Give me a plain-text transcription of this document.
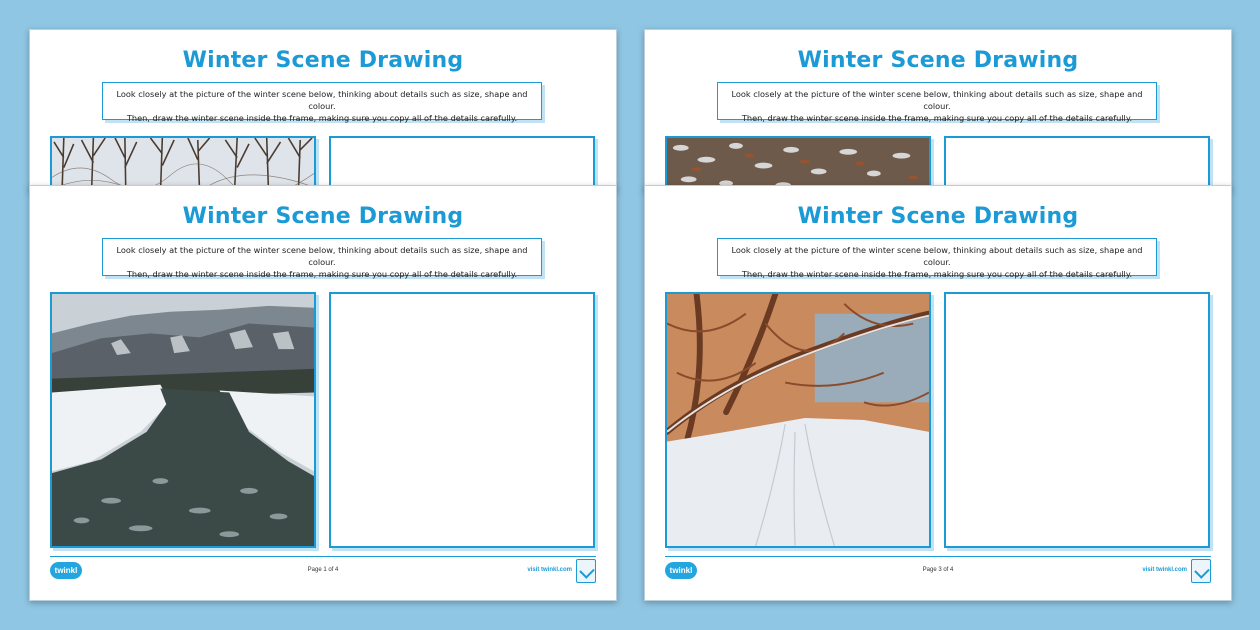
Winter Scene Drawing
Look closely at the picture of the winter scene below, thinking about details such as size, shape and colour.
Then, draw the winter scene inside the frame, making sure you copy all of the details carefully.
Winter Scene Drawing
Look closely at the picture of the winter scene below, thinking about details such as size, shape and colour.
Then, draw the winter scene inside the frame, making sure you copy all of the details carefully.
Winter Scene Drawing
Look closely at the picture of the winter scene below, thinking about details such as size, shape and colour.
Then, draw the winter scene inside the frame, making sure you copy all of the details carefully.
twinkl	Page 1 of 4	visit twinkl.com
Winter Scene Drawing
Look closely at the picture of the winter scene below, thinking about details such as size, shape and colour.
Then, draw the winter scene inside the frame, making sure you copy all of the details carefully.
twinkl	Page 3 of 4	visit twinkl.com
